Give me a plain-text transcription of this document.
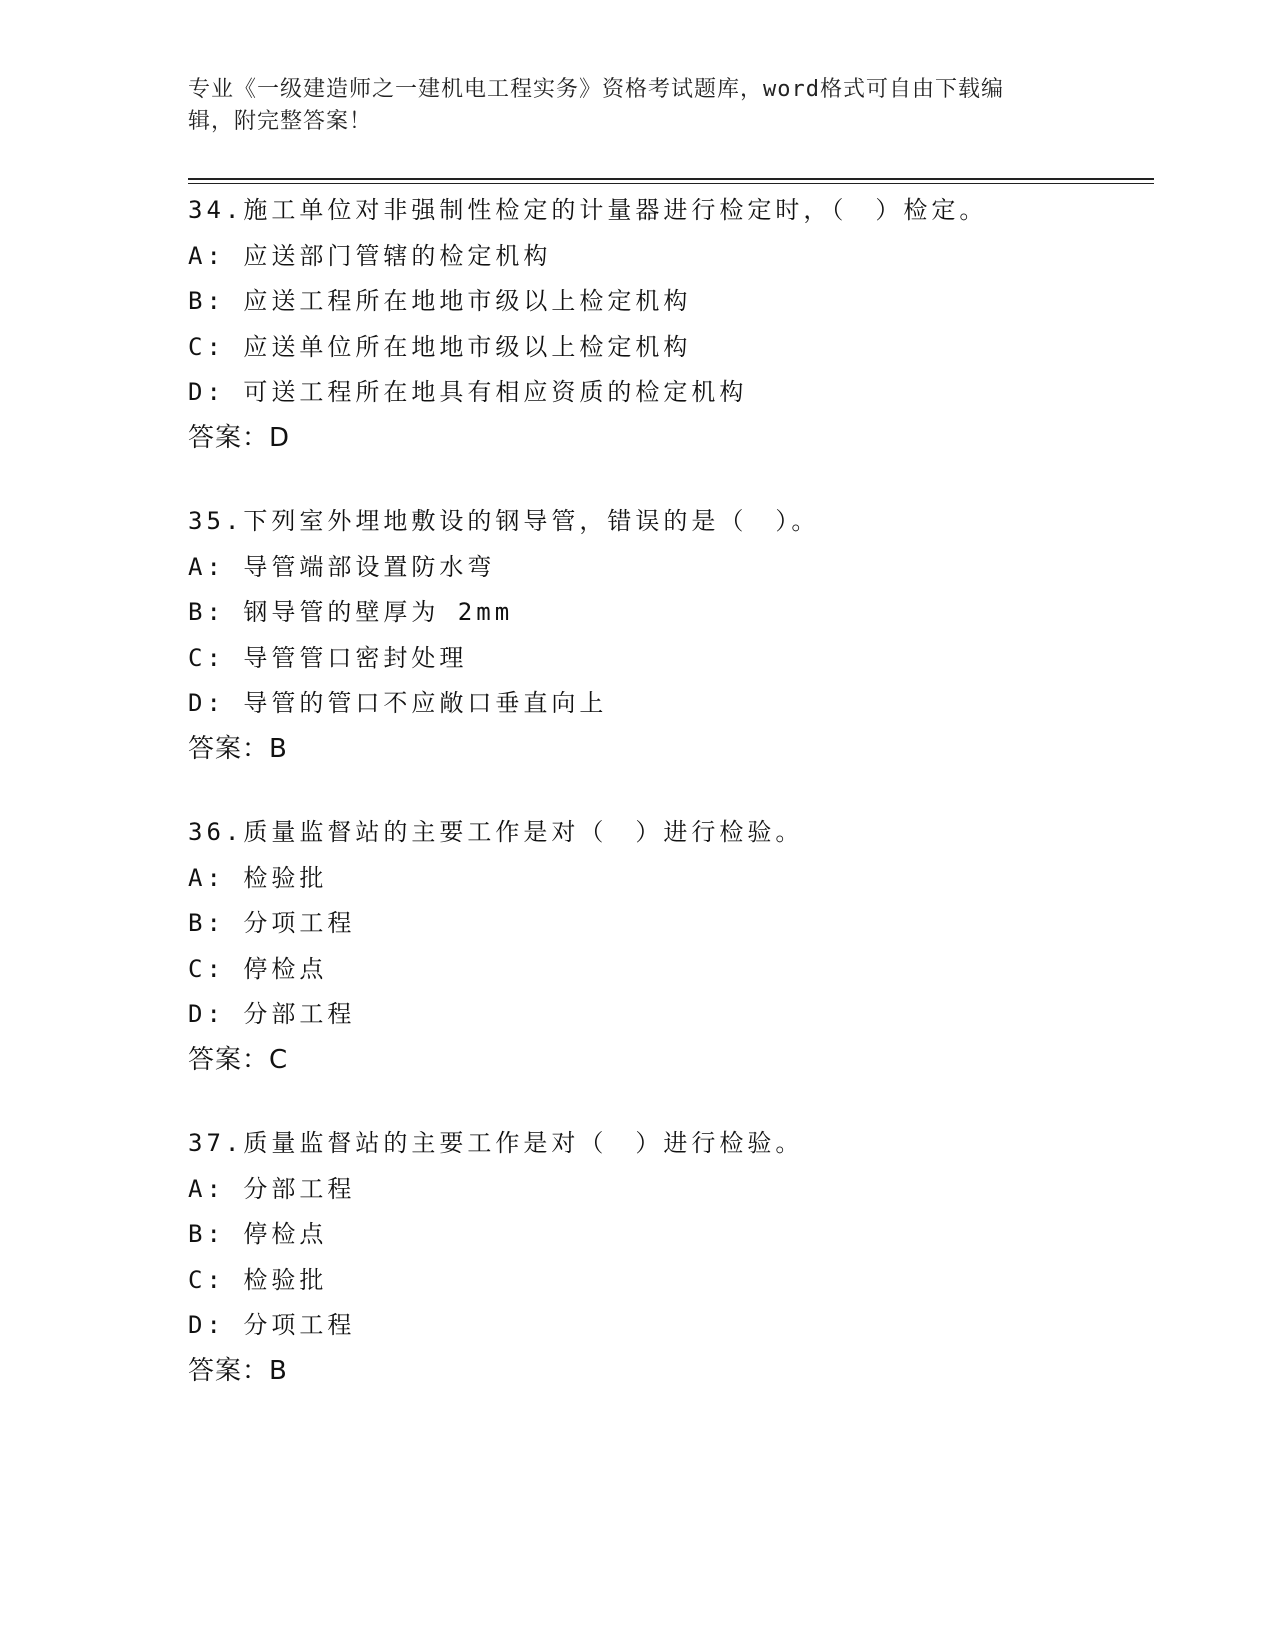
专业《一级建造师之一建机电工程实务》资格考试题库，word格式可自由下载编
辑，附完整答案！
34.施工单位对非强制性检定的计量器进行检定时，（　）检定。
A: 应送部门管辖的检定机构
B: 应送工程所在地地市级以上检定机构
C: 应送单位所在地地市级以上检定机构
D: 可送工程所在地具有相应资质的检定机构
答案：D
35.下列室外埋地敷设的钢导管，错误的是（　）。
A: 导管端部设置防水弯
B: 钢导管的壁厚为 2mm
C: 导管管口密封处理
D: 导管的管口不应敞口垂直向上
答案：B
36.质量监督站的主要工作是对（　）进行检验。
A: 检验批
B: 分项工程
C: 停检点
D: 分部工程
答案：C
37.质量监督站的主要工作是对（　）进行检验。
A: 分部工程
B: 停检点
C: 检验批
D: 分项工程
答案：B
